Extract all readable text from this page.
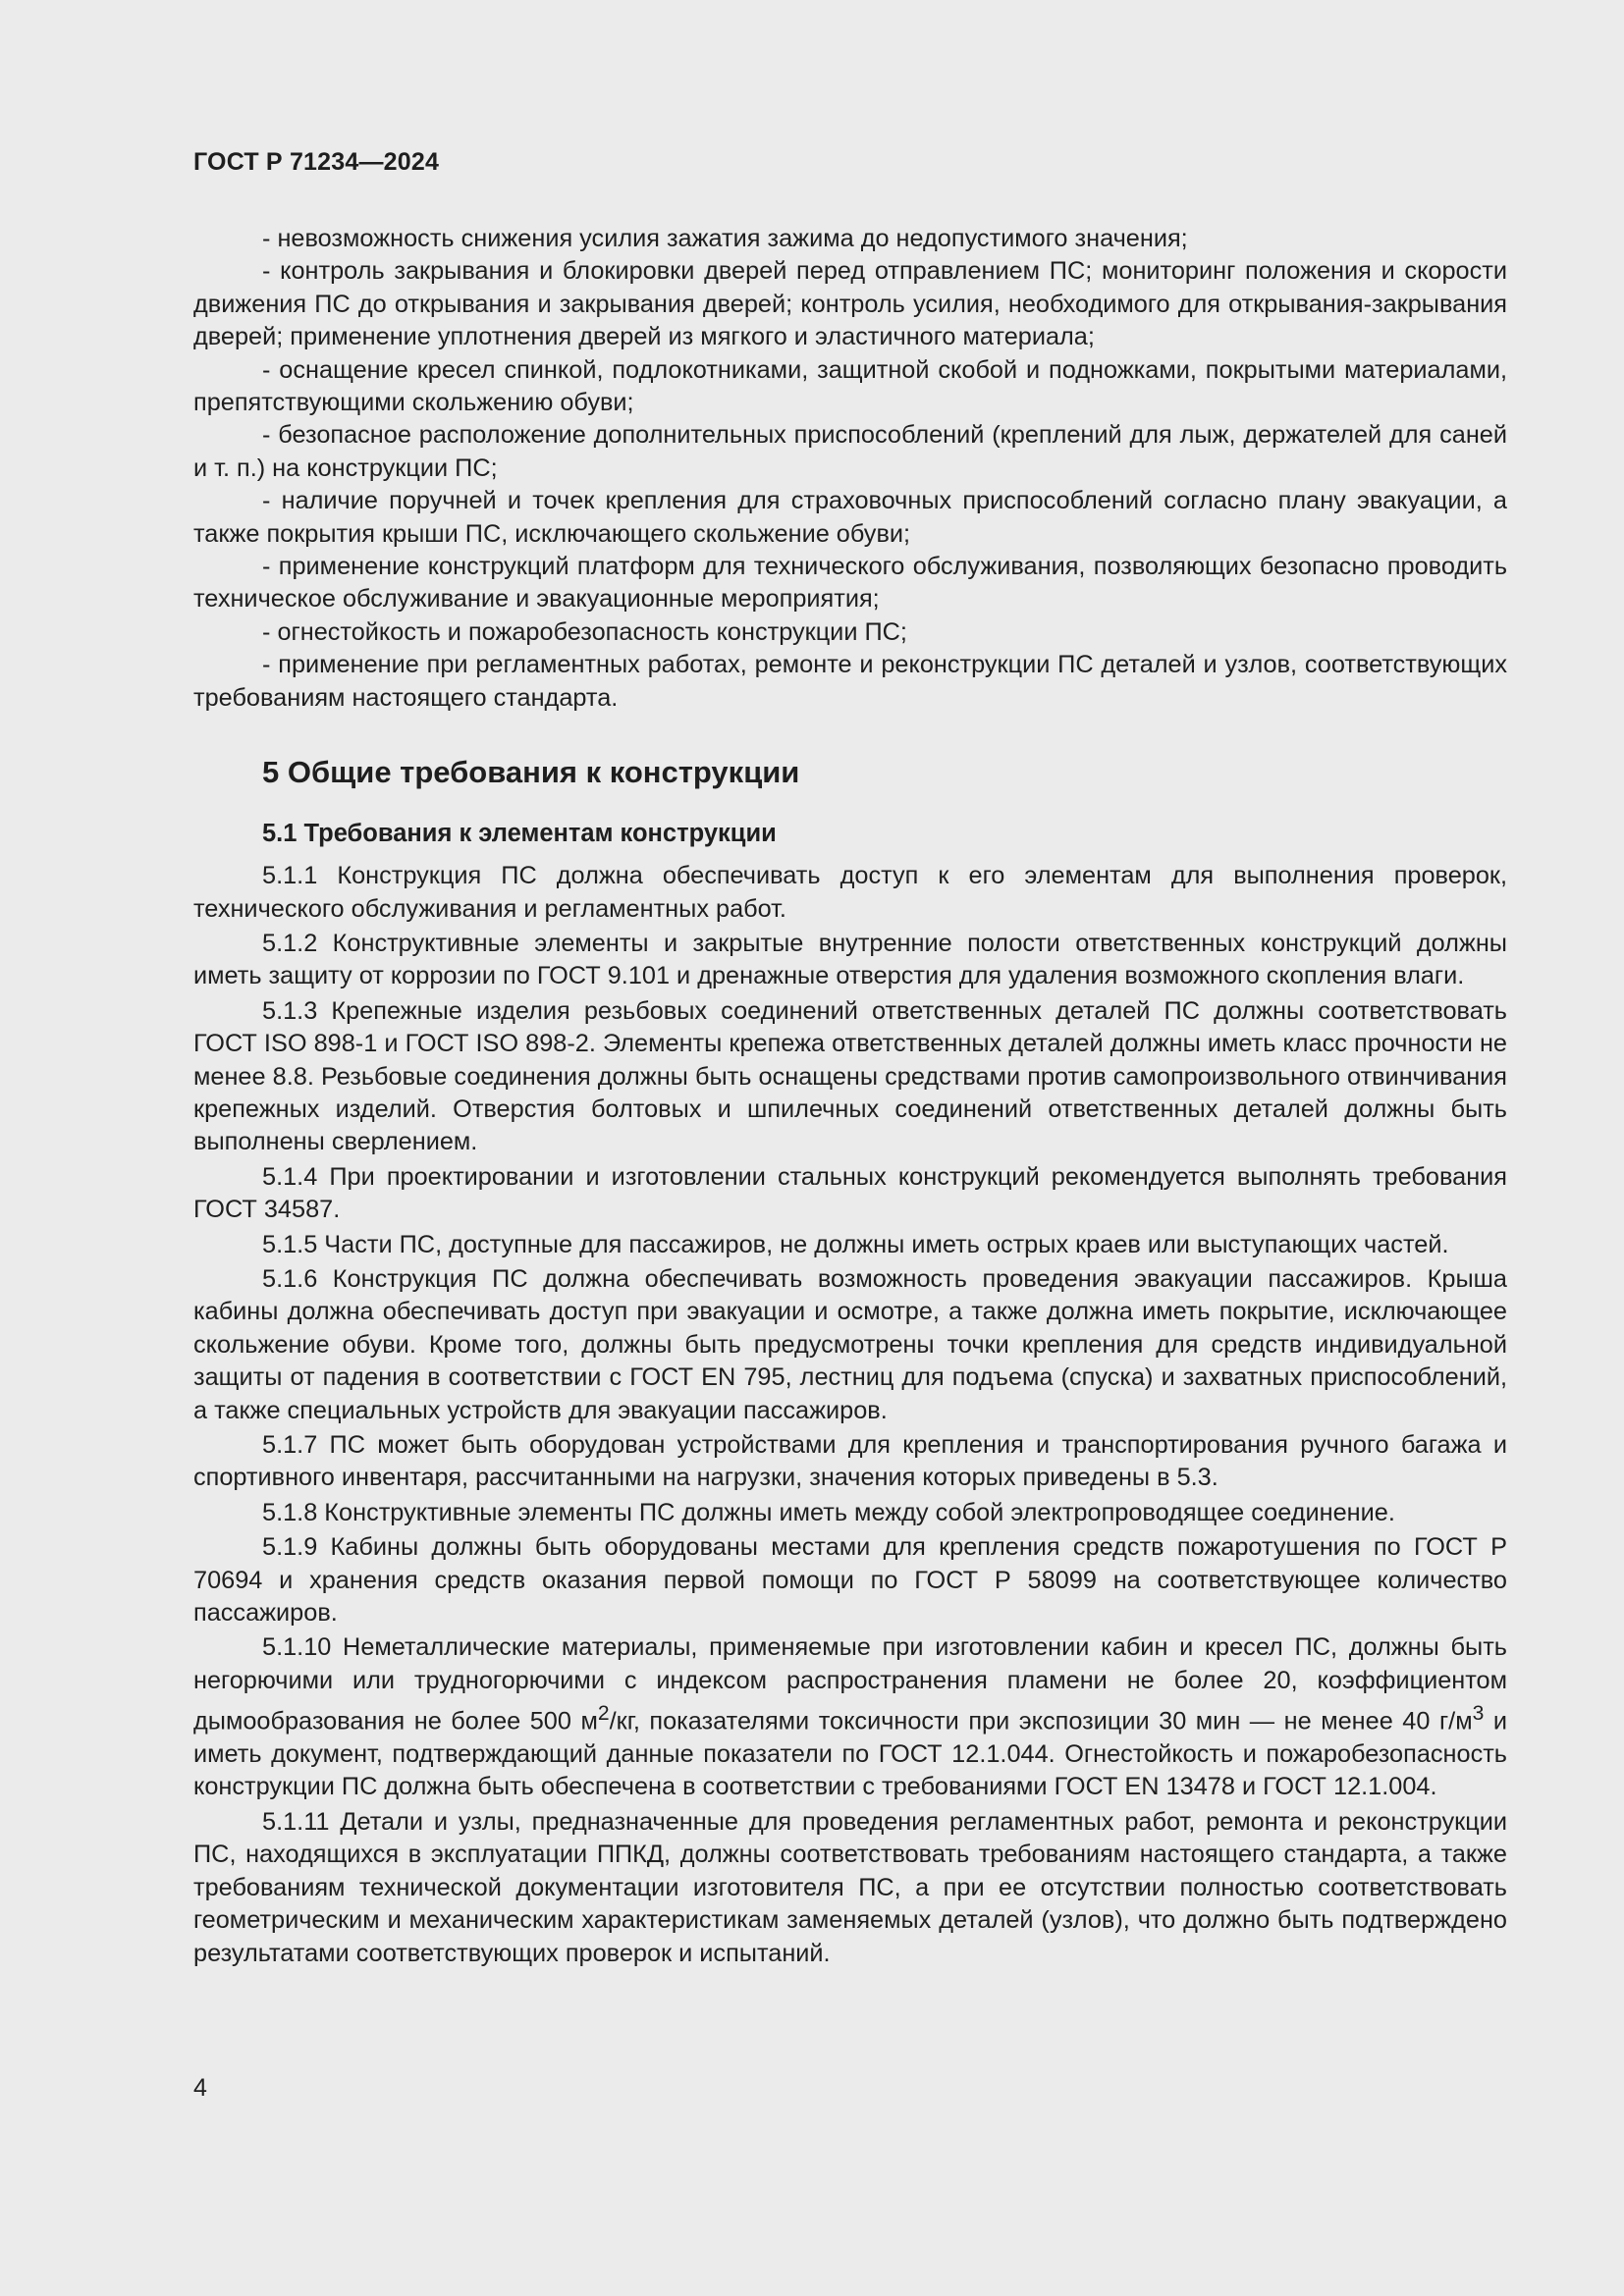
ГОСТ Р 71234—2024

- невозможность снижения усилия зажатия зажима до недопустимого значения;

- контроль закрывания и блокировки дверей перед отправлением ПС; мониторинг положения и скорости движения ПС до открывания и закрывания дверей; контроль усилия, необходимого для открывания-закрывания дверей; применение уплотнения дверей из мягкого и эластичного материала;

- оснащение кресел спинкой, подлокотниками, защитной скобой и подножками, покрытыми материалами, препятствующими скольжению обуви;

- безопасное расположение дополнительных приспособлений (креплений для лыж, держателей для саней и т. п.) на конструкции ПС;

- наличие поручней и точек крепления для страховочных приспособлений согласно плану эвакуации, а также покрытия крыши ПС, исключающего скольжение обуви;

- применение конструкций платформ для технического обслуживания, позволяющих безопасно проводить техническое обслуживание и эвакуационные мероприятия;

- огнестойкость и пожаробезопасность конструкции ПС;

- применение при регламентных работах, ремонте и реконструкции ПС деталей и узлов, соответствующих требованиям настоящего стандарта.

5 Общие требования к конструкции
5.1 Требования к элементам конструкции

5.1.1 Конструкция ПС должна обеспечивать доступ к его элементам для выполнения проверок, технического обслуживания и регламентных работ.

5.1.2 Конструктивные элементы и закрытые внутренние полости ответственных конструкций должны иметь защиту от коррозии по ГОСТ 9.101 и дренажные отверстия для удаления возможного скопления влаги.

5.1.3 Крепежные изделия резьбовых соединений ответственных деталей ПС должны соответствовать ГОСТ ISO 898-1 и ГОСТ ISO 898-2. Элементы крепежа ответственных деталей должны иметь класс прочности не менее 8.8. Резьбовые соединения должны быть оснащены средствами против самопроизвольного отвинчивания крепежных изделий. Отверстия болтовых и шпилечных соединений ответственных деталей должны быть выполнены сверлением.

5.1.4 При проектировании и изготовлении стальных конструкций рекомендуется выполнять требования ГОСТ 34587.

5.1.5 Части ПС, доступные для пассажиров, не должны иметь острых краев или выступающих частей.

5.1.6 Конструкция ПС должна обеспечивать возможность проведения эвакуации пассажиров. Крыша кабины должна обеспечивать доступ при эвакуации и осмотре, а также должна иметь покрытие, исключающее скольжение обуви. Кроме того, должны быть предусмотрены точки крепления для средств индивидуальной защиты от падения в соответствии с ГОСТ EN 795, лестниц для подъема (спуска) и захватных приспособлений, а также специальных устройств для эвакуации пассажиров.

5.1.7 ПС может быть оборудован устройствами для крепления и транспортирования ручного багажа и спортивного инвентаря, рассчитанными на нагрузки, значения которых приведены в 5.3.

5.1.8 Конструктивные элементы ПС должны иметь между собой электропроводящее соединение.

5.1.9 Кабины должны быть оборудованы местами для крепления средств пожаротушения по ГОСТ Р 70694 и хранения средств оказания первой помощи по ГОСТ Р 58099 на соответствующее количество пассажиров.

5.1.10 Неметаллические материалы, применяемые при изготовлении кабин и кресел ПС, должны быть негорючими или трудногорючими с индексом распространения пламени не более 20, коэффициентом дымообразования не более 500 $м^2/кг$, показателями токсичности при экспозиции 30 мин — не менее 40 $г/м^3$ и иметь документ, подтверждающий данные показатели по ГОСТ 12.1.044. Огнестойкость и пожаробезопасность конструкции ПС должна быть обеспечена в соответствии с требованиями ГОСТ EN 13478 и ГОСТ 12.1.004.

5.1.11 Детали и узлы, предназначенные для проведения регламентных работ, ремонта и реконструкции ПС, находящихся в эксплуатации ППКД, должны соответствовать требованиям настоящего стандарта, а также требованиям технической документации изготовителя ПС, а при ее отсутствии полностью соответствовать геометрическим и механическим характеристикам заменяемых деталей (узлов), что должно быть подтверждено результатами соответствующих проверок и испытаний.

4
